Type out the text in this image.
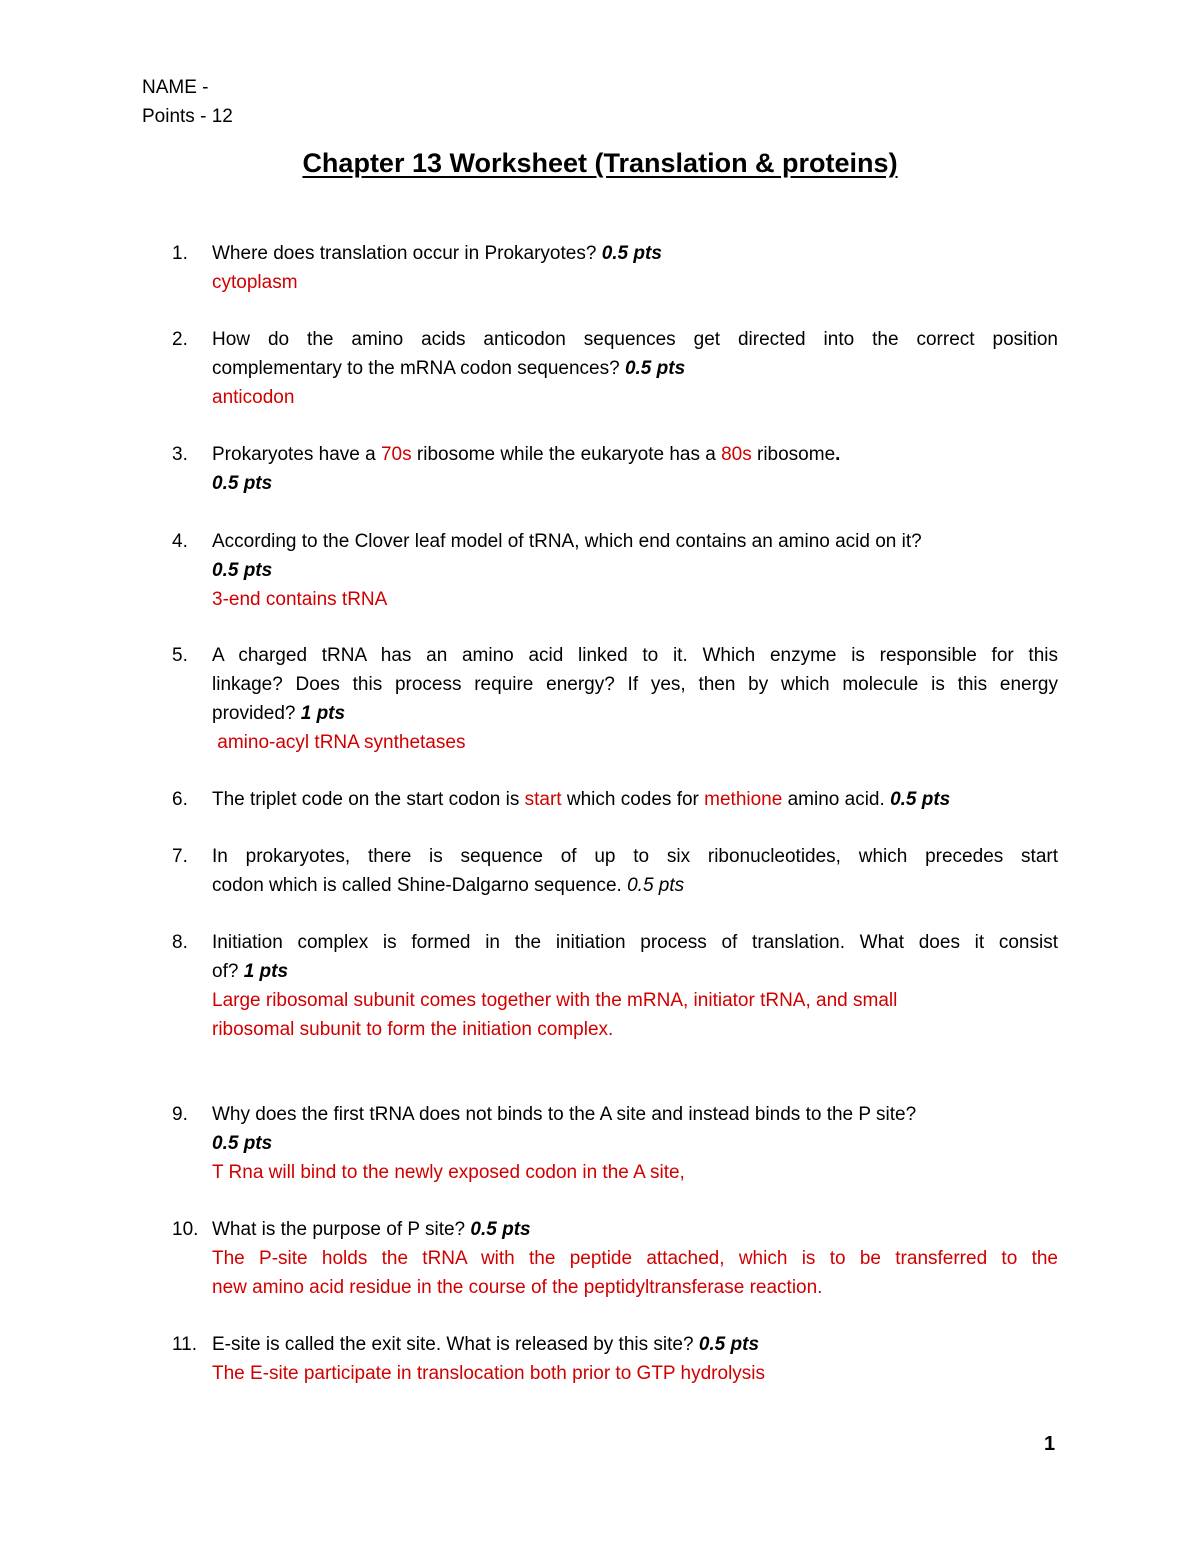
NAME -
Points - 12
Chapter 13 Worksheet (Translation & proteins)
1.	Where does translation occur in Prokaryotes? 0.5 pts
cytoplasm
2.	How do the amino acids anticodon sequences get directed into the correct position
complementary to the mRNA codon sequences? 0.5 pts
anticodon
3.	Prokaryotes have a 70s ribosome while the eukaryote has a 80s ribosome.
0.5 pts
4.	According to the Clover leaf model of tRNA, which end contains an amino acid on it?
0.5 pts
3-end contains tRNA
5.	A charged tRNA has an amino acid linked to it. Which enzyme is responsible for this
linkage? Does this process require energy? If yes, then by which molecule is this energy
provided? 1 pts
amino-acyl tRNA synthetases
6.	The triplet code on the start codon is start which codes for methione amino acid. 0.5 pts
7.	In prokaryotes, there is sequence of up to six ribonucleotides, which precedes start
codon which is called Shine-Dalgarno sequence. 0.5 pts
8.	Initiation complex is formed in the initiation process of translation. What does it consist
of? 1 pts
Large ribosomal subunit comes together with the mRNA, initiator tRNA, and small
ribosomal subunit to form the initiation complex.
9.	Why does the first tRNA does not binds to the A site and instead binds to the P site?
0.5 pts
T Rna will bind to the newly exposed codon in the A site,
10. What is the purpose of P site? 0.5 pts
The P-site holds the tRNA with the peptide attached, which is to be transferred to the
new amino acid residue in the course of the peptidyltransferase reaction.
11. E-site is called the exit site. What is released by this site? 0.5 pts
The E-site participate in translocation both prior to GTP hydrolysis
1
